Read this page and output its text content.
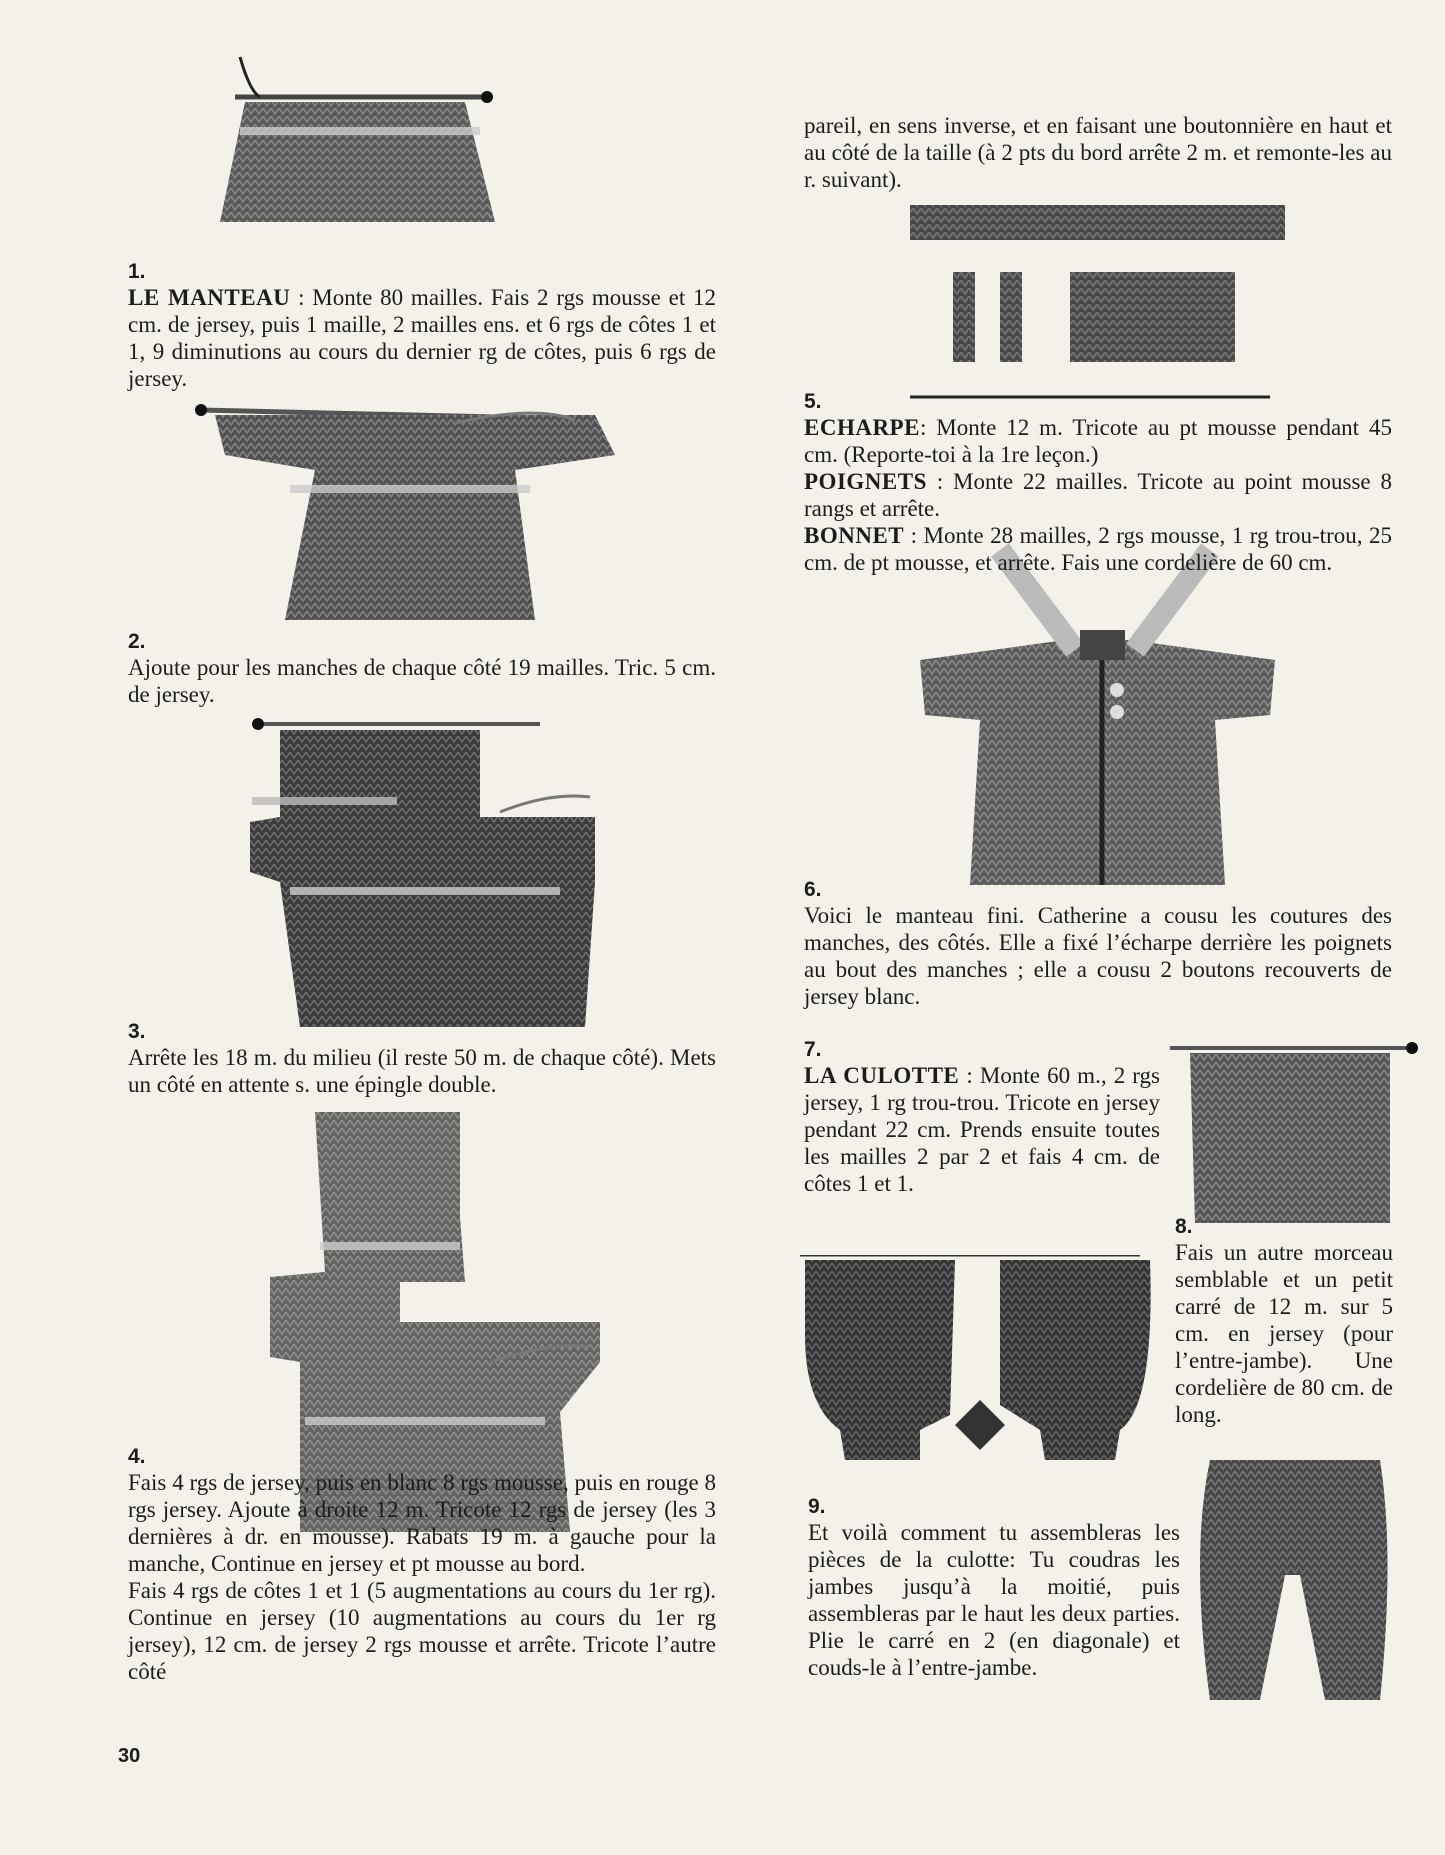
1.
LE MANTEAU : Monte 80 mailles. Fais 2 rgs mousse et 12 cm. de jersey, puis 1 maille, 2 mailles ens. et 6 rgs de côtes 1 et 1, 9 diminutions au cours du dernier rg de côtes, puis 6 rgs de jersey.
2.
Ajoute pour les manches de chaque côté 19 mailles. Tric. 5 cm. de jersey.
3.
Arrête les 18 m. du milieu (il reste 50 m. de chaque côté). Mets un côté en attente s. une épingle double.
4.

Fais 4 rgs de jersey, puis en blanc 8 rgs mousse, puis en rouge 8 rgs jersey. Ajoute à droite 12 m. Tricote 12 rgs de jersey (les 3 dernières à dr. en mousse). Rabats 19 m. à gauche pour la manche, Continue en jersey et pt mousse au bord.

Fais 4 rgs de côtes 1 et 1 (5 augmentations au cours du 1er rg). Continue en jersey (10 augmentations au cours du 1er rg jersey), 12 cm. de jersey 2 rgs mousse et arrête. Tricote l’autre côté

pareil, en sens inverse, et en faisant une boutonnière en haut et au côté de la taille (à 2 pts du bord arrête 2 m. et remonte-les au r. suivant).
5.
ECHARPE: Monte 12 m. Tricote au pt mousse pendant 45 cm. (Reporte-toi à la 1re leçon.)
POIGNETS : Monte 22 mailles. Tricote au point mousse 8 rangs et arrête.
BONNET : Monte 28 mailles, 2 rgs mousse, 1 rg trou-trou, 25 cm. de pt mousse, et arrête. Fais une cordelière de 60 cm.
6.
Voici le manteau fini. Catherine a cousu les coutures des manches, des côtés. Elle a fixé l’écharpe derrière les poignets au bout des manches ; elle a cousu 2 boutons recouverts de jersey blanc.
7.
LA CULOTTE : Monte 60 m., 2 rgs jersey, 1 rg trou-trou. Tricote en jersey pendant 22 cm. Prends ensuite toutes les mailles 2 par 2 et fais 4 cm. de côtes 1 et 1.
8.
Fais un autre morceau semblable et un petit carré de 12 m. sur 5 cm. en jersey (pour l’entre-jambe). Une cordelière de 80 cm. de long.
9.
Et voilà comment tu assembleras les pièces de la culotte: Tu coudras les jambes jusqu’à la moitié, puis assembleras par le haut les deux parties. Plie le carré en 2 (en diagonale) et couds-le à l’entre-jambe.
30
